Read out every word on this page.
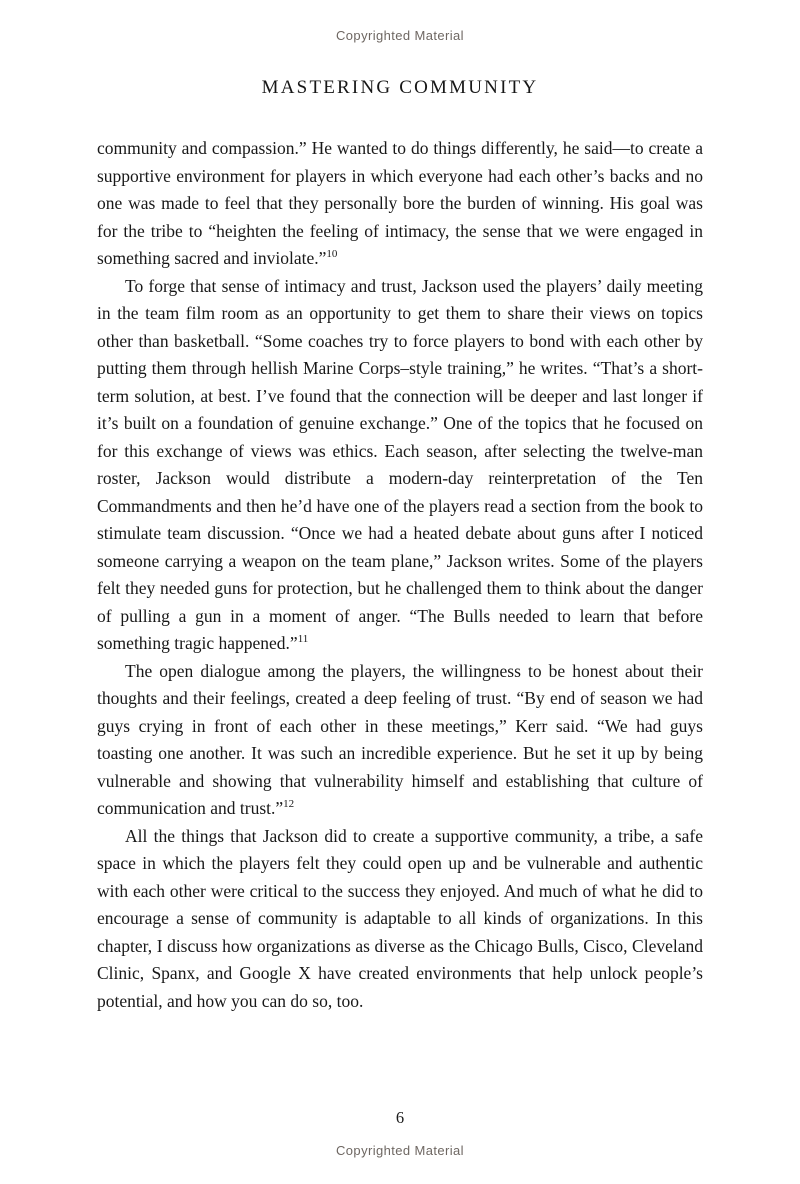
Copyrighted Material
MASTERING COMMUNITY

community and compassion.” He wanted to do things differently, he said—to create a supportive environment for players in which everyone had each other’s backs and no one was made to feel that they personally bore the burden of winning. His goal was for the tribe to “heighten the feeling of intimacy, the sense that we were engaged in something sacred and inviolate.”$^{10}$

To forge that sense of intimacy and trust, Jackson used the players’ daily meeting in the team film room as an opportunity to get them to share their views on topics other than basketball. “Some coaches try to force players to bond with each other by putting them through hellish Marine Corps–style training,” he writes. “That’s a short-term solution, at best. I’ve found that the connection will be deeper and last longer if it’s built on a foundation of genuine exchange.” One of the topics that he focused on for this exchange of views was ethics. Each season, after selecting the twelve-man roster, Jackson would distribute a modern-day reinterpretation of the Ten Commandments and then he’d have one of the players read a section from the book to stimulate team discussion. “Once we had a heated debate about guns after I noticed someone carrying a weapon on the team plane,” Jackson writes. Some of the players felt they needed guns for protection, but he challenged them to think about the danger of pulling a gun in a moment of anger. “The Bulls needed to learn that before something tragic happened.”$^{11}$

The open dialogue among the players, the willingness to be honest about their thoughts and their feelings, created a deep feeling of trust. “By end of season we had guys crying in front of each other in these meetings,” Kerr said. “We had guys toasting one another. It was such an incredible experience. But he set it up by being vulnerable and showing that vulnerability himself and establishing that culture of communication and trust.”$^{12}$

All the things that Jackson did to create a supportive community, a tribe, a safe space in which the players felt they could open up and be vulnerable and authentic with each other were critical to the success they enjoyed. And much of what he did to encourage a sense of community is adaptable to all kinds of organizations. In this chapter, I discuss how organizations as diverse as the Chicago Bulls, Cisco, Cleveland Clinic, Spanx, and Google X have created environments that help unlock people’s potential, and how you can do so, too.

6
Copyrighted Material
